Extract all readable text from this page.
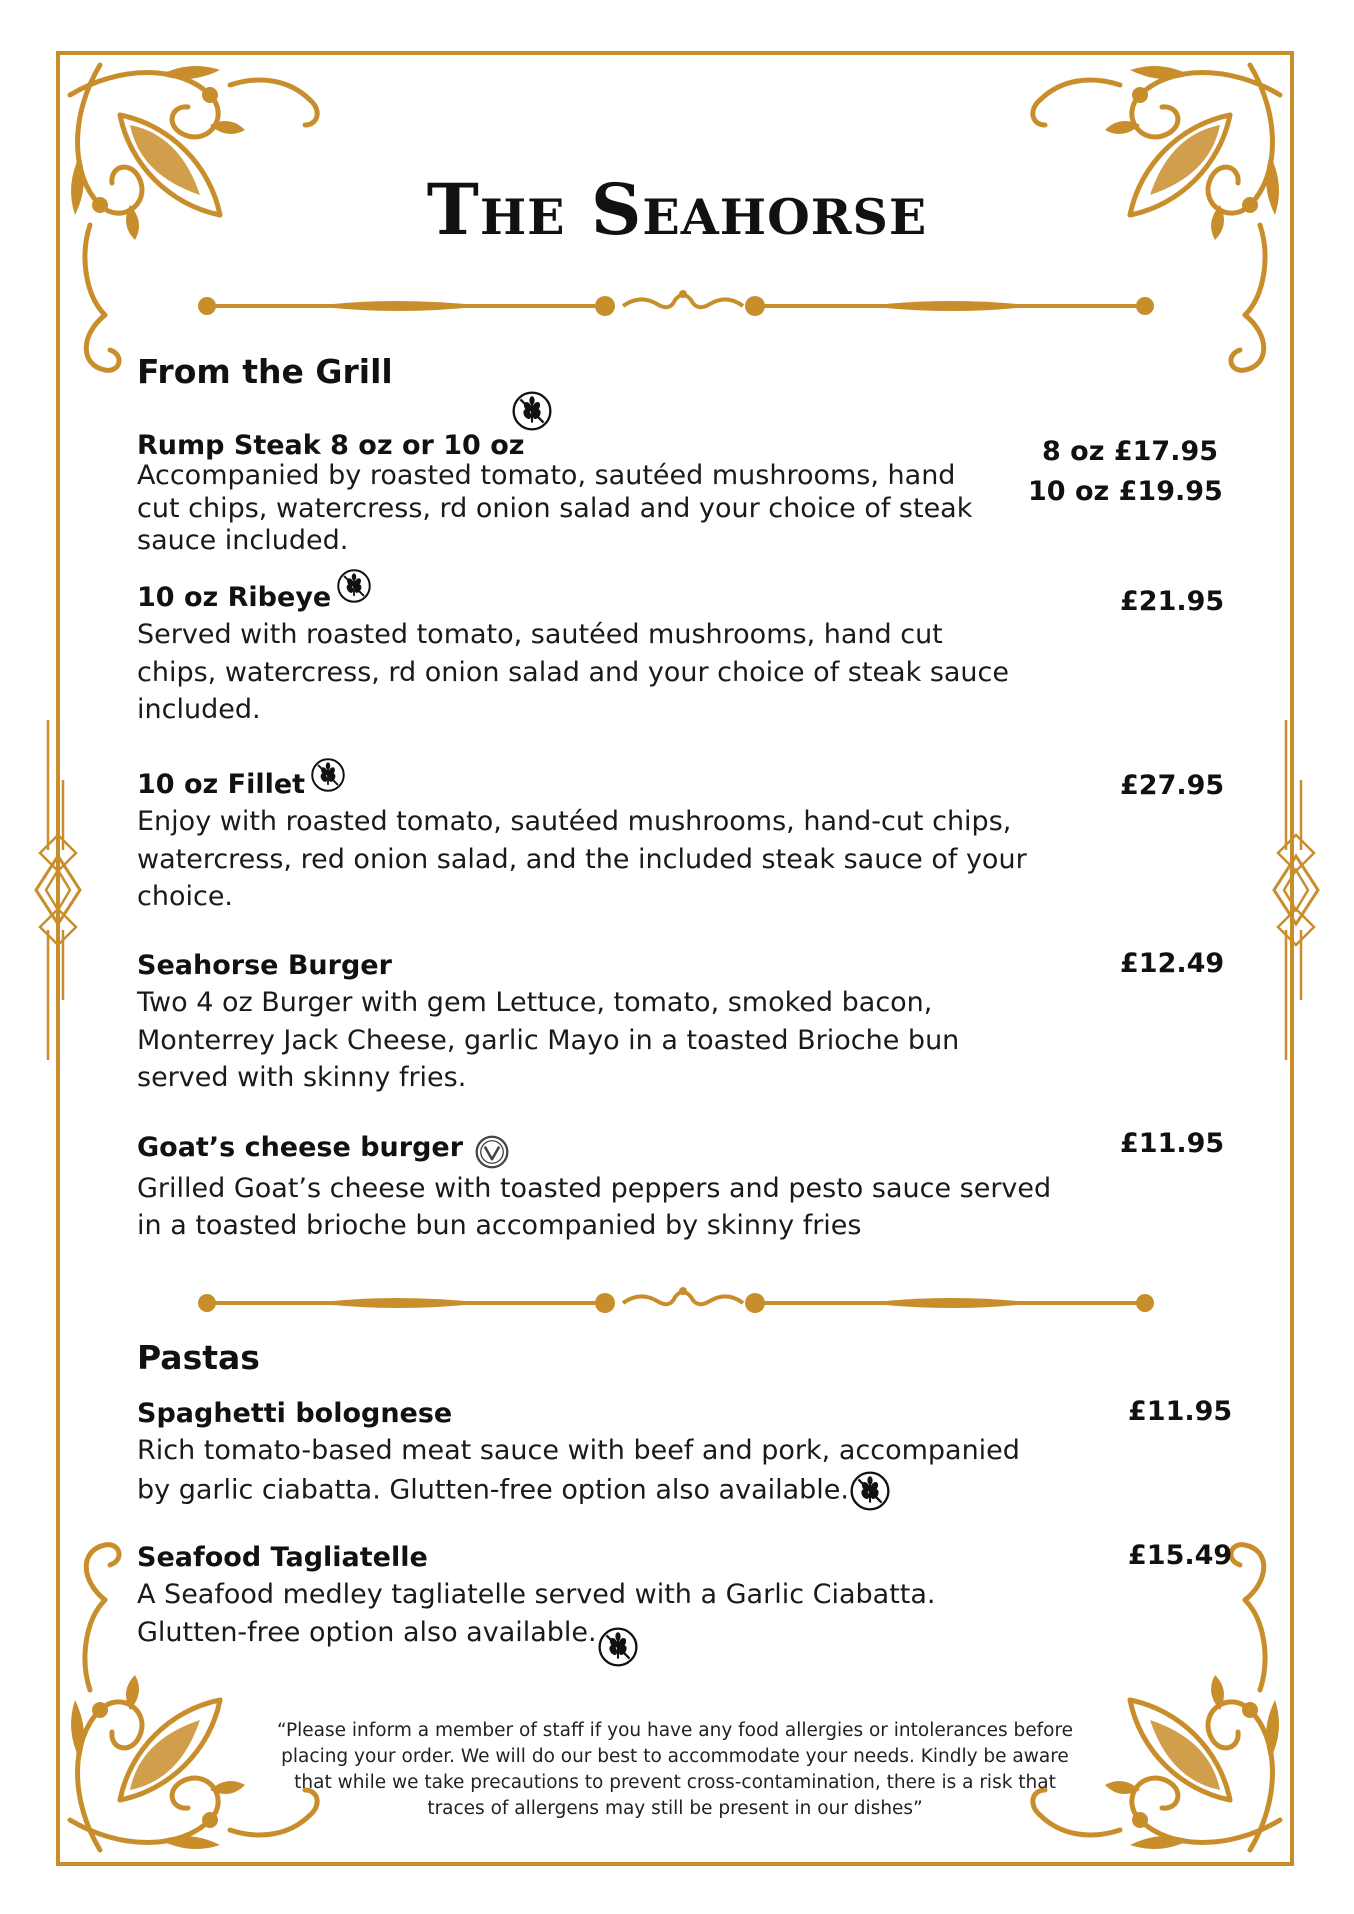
The Seahorse
From the Grill
Rump Steak 8 oz or 10 oz
Accompanied by roasted tomato, sautéed mushrooms, hand
cut chips, watercress, rd onion salad and your choice of steak
sauce included.
8 oz £17.95
10 oz £19.95
10 oz Ribeye
Served with roasted tomato, sautéed mushrooms, hand cut
chips, watercress, rd onion salad and your choice of steak sauce
included.
£21.95
10 oz Fillet
Enjoy with roasted tomato, sautéed mushrooms, hand-cut chips,
watercress, red onion salad, and the included steak sauce of your
choice.
£27.95
Seahorse Burger
Two 4 oz Burger with gem Lettuce, tomato, smoked bacon,
Monterrey Jack Cheese, garlic Mayo in a toasted Brioche bun
served with skinny fries.
£12.49
Goat’s cheese burger
Grilled Goat’s cheese with toasted peppers and pesto sauce served
in a toasted brioche bun accompanied by skinny fries
£11.95
Pastas
Spaghetti bolognese
Rich tomato-based meat sauce with beef and pork, accompanied
by garlic ciabatta. Glutten-free option also available.
£11.95
Seafood Tagliatelle
A Seafood medley tagliatelle served with a Garlic Ciabatta.
Glutten-free option also available.
£15.49
“Please inform a member of staff if you have any food allergies or intolerances before
placing your order. We will do our best to accommodate your needs. Kindly be aware
that while we take precautions to prevent cross-contamination, there is a risk that
traces of allergens may still be present in our dishes”
